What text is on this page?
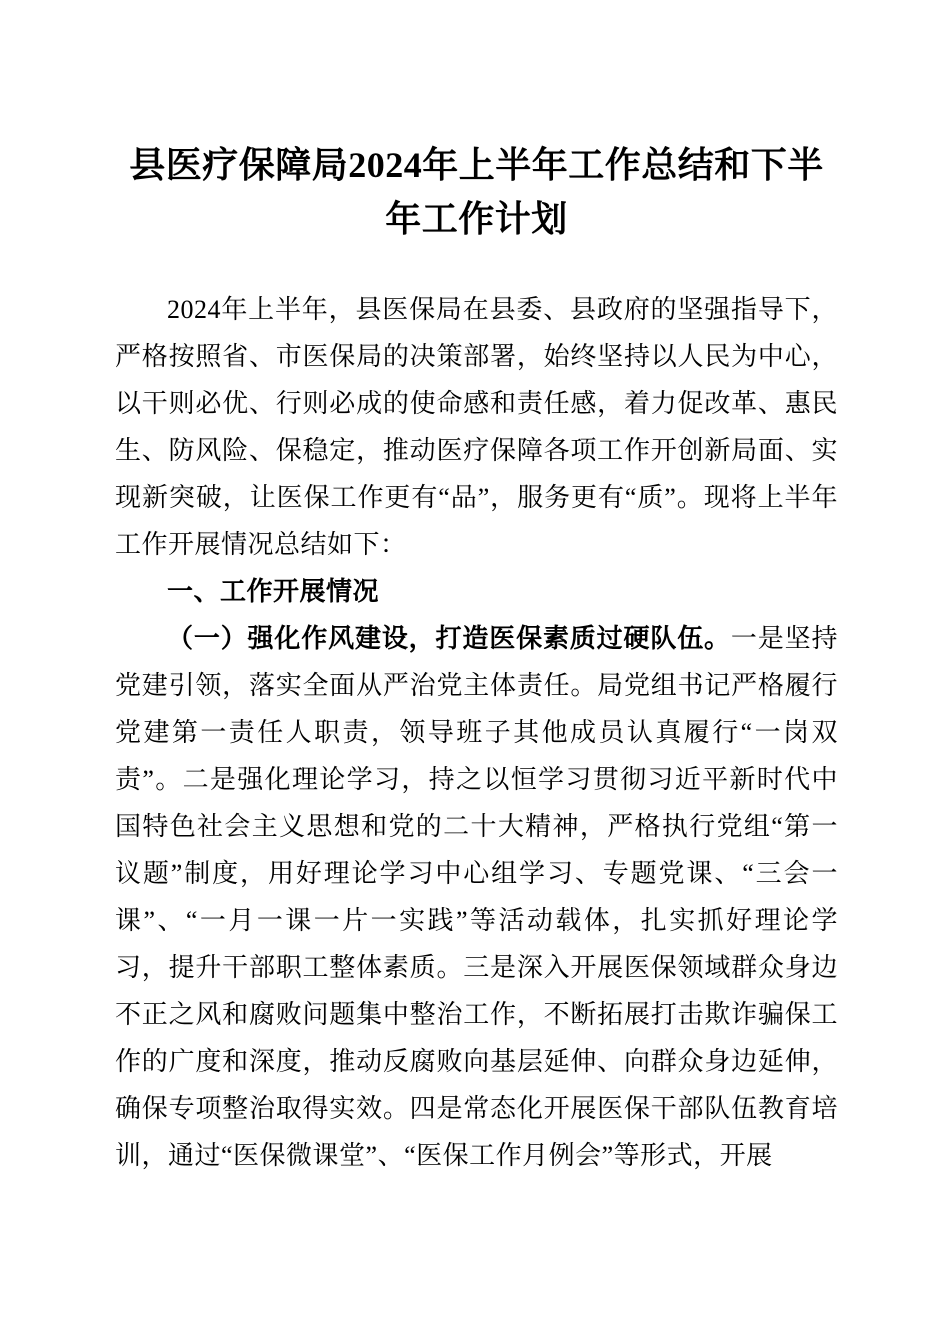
县医疗保障局2024年上半年工作总结和下半年工作计划

2024年上半年，县医保局在县委、县政府的坚强指导下，严格按照省、市医保局的决策部署，始终坚持以人民为中心，以干则必优、行则必成的使命感和责任感，着力促改革、惠民生、防风险、保稳定，推动医疗保障各项工作开创新局面、实现新突破，让医保工作更有“品”，服务更有“质”。现将上半年工作开展情况总结如下：

一、工作开展情况

（一）强化作风建设，打造医保素质过硬队伍。一是坚持党建引领，落实全面从严治党主体责任。局党组书记严格履行党建第一责任人职责，领导班子其他成员认真履行“一岗双责”。二是强化理论学习，持之以恒学习贯彻习近平新时代中国特色社会主义思想和党的二十大精神，严格执行党组“第一议题”制度，用好理论学习中心组学习、专题党课、“三会一课”、“一月一课一片一实践”等活动载体，扎实抓好理论学习，提升干部职工整体素质。三是深入开展医保领域群众身边不正之风和腐败问题集中整治工作，不断拓展打击欺诈骗保工作的广度和深度，推动反腐败向基层延伸、向群众身边延伸，确保专项整治取得实效。四是常态化开展医保干部队伍教育培训，通过“医保微课堂”、“医保工作月例会”等形式，开展
